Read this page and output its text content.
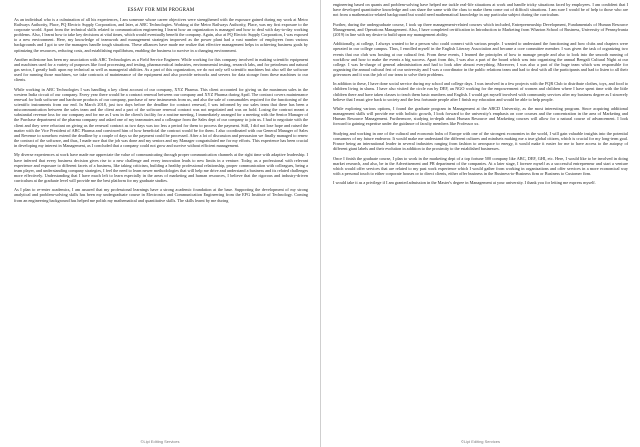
ESSAY FOR MIM PROGRAM

As an individual who is a culmination of all his experiences, I am someone whose career objectives were strengthened with the exposure gained during my work at Metro Railways Authority, Place, PQ Electric Supply Corporation, and later, at ABC Technologies. Working at the Metro Railways Authority, Place, was my first exposure to the corporate world. Apart from the technical skills related to communication engineering I learnt how an organization is managed and how to deal with day-to-day working problems. Also, I learnt how to take key decisions at vital times, which would eventually benefit the company. Again, also at PQ Electric Supply Corporation, I was exposed to a new environment. Here, my knowledge of teamwork and management strategies improved as the power plant had a vast number of employees from various backgrounds and I got to see the managers handle tough situations. These alliances have made me realize that effective management helps in achieving business goals by optimizing the resources, reducing costs, and establishing equilibrium, enabling the business to survive in a changing environment.

Another milestone has been my association with ABC Technologies as a Field Service Engineer. While working for this company involved in making scientific equipment and machines used for a variety of purposes like food processing and testing, pharmaceutical industries, environmental testing, research labs, and for petroleum and natural gas sector, I greatly built upon my technical as well as managerial abilities. As a part of this organization, we do not only sell scientific machines but also sell the software used for running those machines, we take contracts of maintenance of the equipment and also provide networks and servers for data storage from these machines to our clients.

While working in ABC Technologies I was handling a key client account of our company, XYZ Pharma. This client accounted for giving us the maximum sales in the western India circuit of our company. Every year there would be a contract renewal between our company and XYZ Pharma during April. The contract covers maintenance renewal for both software and hardware products of our company, purchase of new instruments from us, and also the sale of consumables required for the functioning of the scientific instruments from our end. In March 2018, just two days before the deadline for contract renewal, I was informed by our sales team that there has been a miscommunication between the sales team and the client and a part of the software renewal contract was not negotiated and was on hold. Losing the contract meant a substantial revenue loss for our company and for me as I was in the client's facility for a routine meeting, I immediately arranged for a meeting with the Senior Manager of the Purchase department of the pharma company and asked one of my teammates and a colleague from the Sales dept of our company to join us. I had to negotiate with the client and they were reluctant on giving us the renewal contract as two days was too less a period for them to process the payment. Still, I did not lose hope and raised the matter with the Vice President of ABC Pharma and convinced him of how beneficial the contract would be for them. I also coordinated with our General Manager of Sales and Revenue to somehow extend the deadline by a couple of days so the payment could be processed. After a lot of discussion and persuasion we finally managed to renew the contract of the software, and thus, I made sure that the job was done and my seniors and my Manager congratulated me for my efforts. This experience has been crucial in developing my interest in Management, as I concluded that a company could not grow and survive without efficient management.

My diverse experiences at work have made me appreciate the value of communicating through proper communication channels at the right time with adaptive leadership. I have inferred that every business decision gives rise to a new challenge and every innovation leads to new limits in a venture. Today, as a professional with relevant experience and exposure to different facets of a business, like taking criticism, building a healthy professional relationship, proper communication with colleagues, being a team player, and understanding company strategies, I feel the need to learn newer methodologies that will help me drive and understand a business and its related challenges more effectively. Understanding that I have much left to learn especially in the areas of marketing and human resources, I believe that the rigorous and industry-driven curriculum at the graduate level will provide me the best platform for my graduate studies.

As I plan to re-enter academics, I am assured that my professional learnings have a strong academic foundation at the base. Supporting the development of my strong analytical and problem-solving skills has been my undergraduate course in Electronics and Communication Engineering from the EFG Institute of Technology. Coming from an engineering background has helped me polish my mathematical and quantitative skills. The skills learnt by me during

©Lipi Editing Services

engineering based on quants and problem-solving have helped me tackle real-life situations at work and handle tricky situations faced by employees. I am confident that I have developed quantitative knowledge and can share the same with the class to make them come out of difficult situations. I am sure I would be of help to those who are not from a mathematics-related background but would need mathematical knowledge in any particular subject during the curriculum.

Further, during the undergraduate course, I took up three management-related courses which included, Entrepreneurship Development, Fundamentals of Human Resource Management, and Operations Management. Also, I have completed certification in Introduction to Marketing from Wharton School of Business, University of Pennsylvania (2019) in line with my desire to build upon my management ability.

Additionally, at college, I always wanted to be a person who could connect with various people. I wanted to understand the functioning and how clubs and chapters were operated in our college campus. Thus, I enrolled myself in the English Literary Association and became a core committee member. I was given the task of organizing two events that our club was hosting at our cultural fest. From these events, I learned the principles of how to manage people and also to look into the smooth running of workflow and how to make the events a big success. Apart from this, I was also a part of the board which was into organizing the annual Bengali Cultural Night at our college. I was In-charge of general administration and had to look after almost everything. Moreover, I was also a part of the huge team which was responsible for organizing the annual cultural fest of our university and I was a coordinator in the public relations team and had to deal with all the participants and had to listen to all their grievances and it was the job of our team to solve their problems.

In addition to these, I have done social service during my school and college days. I was involved in a few projects with the FQR Club to distribute clothes, toys, and food to children living in slums. I have also visited the circle run by DEF, an NGO working for the empowerment of women and children where I have spent time with the little children there and have taken classes to teach them basic numbers and English. I would get myself involved with community services after my business degree as I sincerely believe that I must give back to society and the less fortunate people after I finish my education and would be able to help people.

While exploring various options, I found the graduate program in Management at the ABCD University, as the most interesting program. Since acquiring additional management skills will provide me with holistic growth, I look forward to the university's emphasis on core courses and the concentration in the area of Marketing and Human Resource Management. Furthermore, studying in-depth about Human Resource and Marketing courses will allow for a natural course of advancement. I look forward to gaining expertise under the guidance of faculty members like Professor xx.

Studying and working in one of the cultural and economic hubs of Europe with one of the strongest economies in the world, I will gain valuable insights into the potential consumers of my future endeavor. It would make me understand the different cultures and mindsets making me a true global citizen, which is crucial for my long-term goal. France being an international leader in several industries ranging from fashion to aerospace to energy, it would make it easier for me to have access to the autopsy of different giant labels and their evolution in addition to the proximity to the established businesses.

Once I finish the graduate course, I plan to work in the marketing dept of a top fortune 500 company like ABC, DEF, GHI, etc. Here, I would like to be involved in doing market research, and also, be in the Advertisement and PR department of the companies. At a later stage, I foresee myself as a successful entrepreneur and start a venture which would offer services that are related to my past work experience which I would gather from working in organizations and offer services in a more economical way with a personal touch to either corporate houses or to direct clients, either offer business in the Business-to-Business firm or Business to Customer firm.

I would take it as a privilege if I am granted admission in the Master's degree in Management at your university. I thank you for letting me express myself.

©Lipi Editing Services
